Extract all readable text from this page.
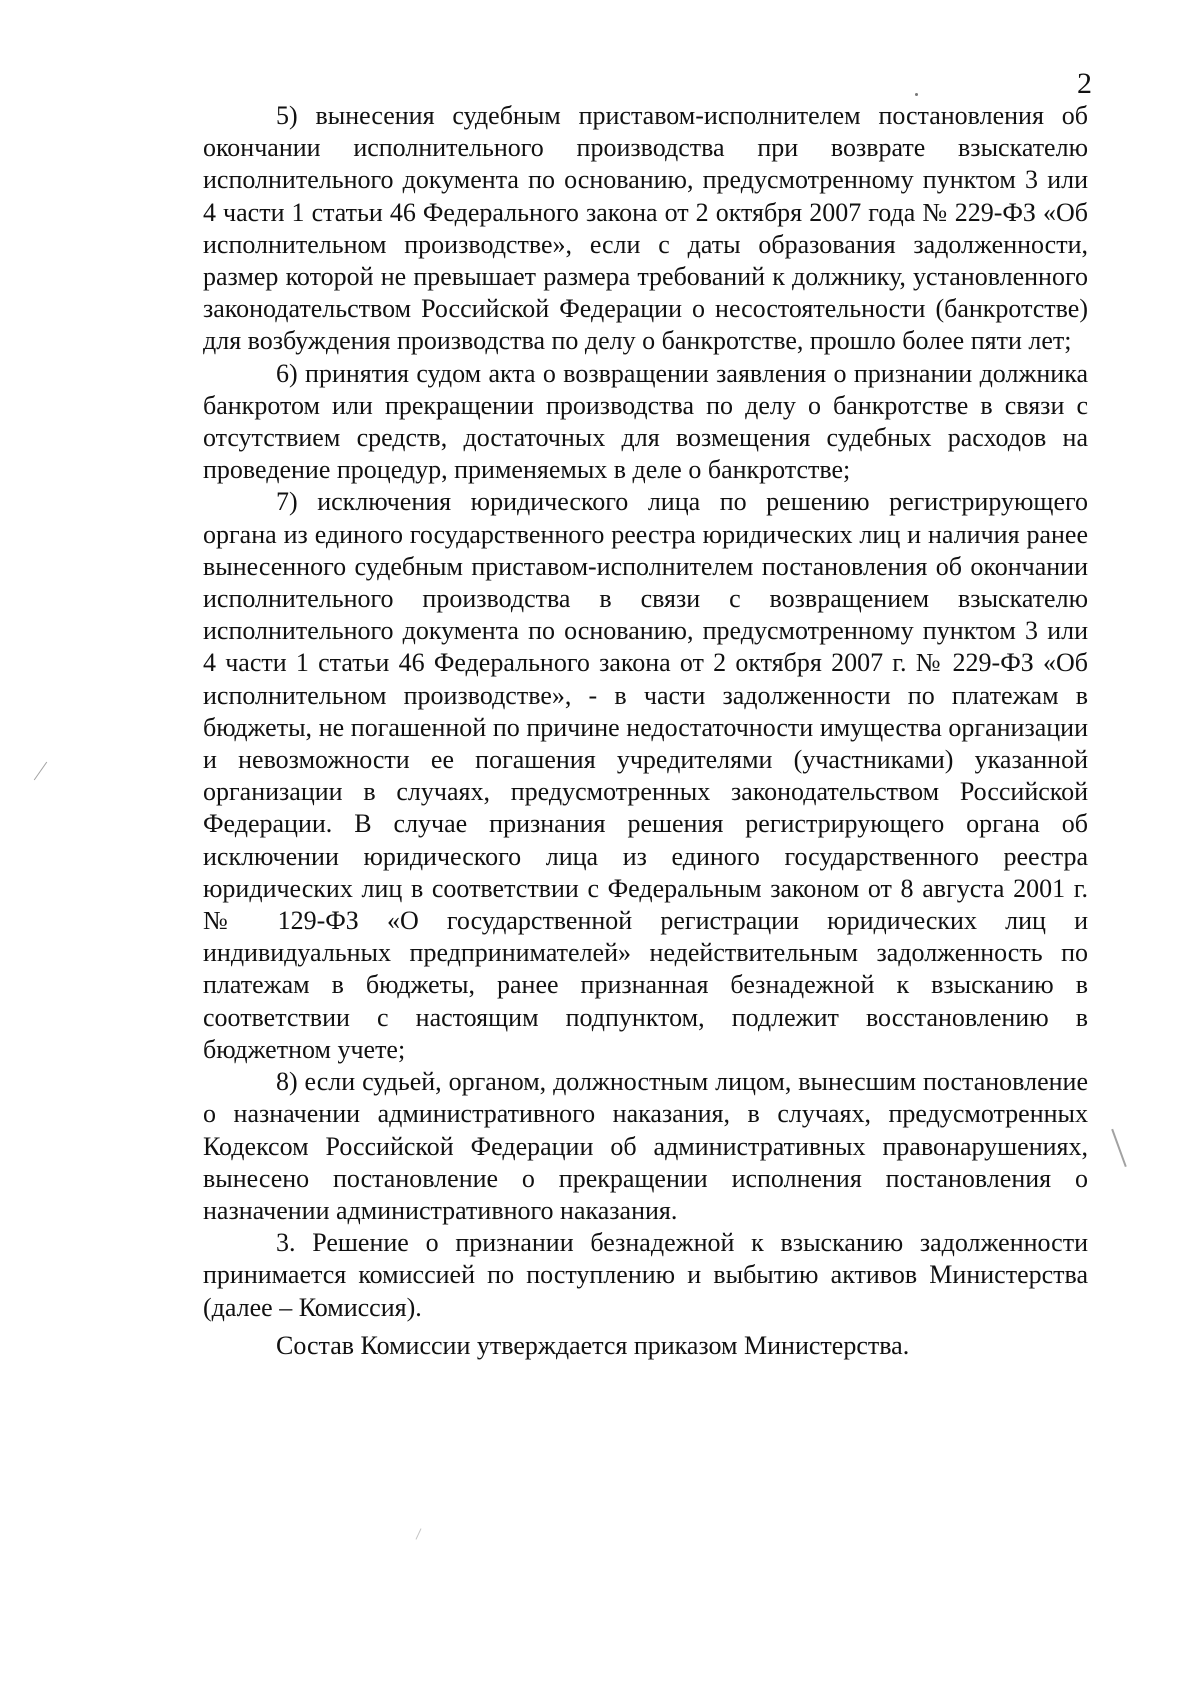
2

5) вынесения судебным приставом-исполнителем постановления об окончании исполнительного производства при возврате взыскателю исполнительного документа по основанию, предусмотренному пунктом 3 или 4 части 1 статьи 46 Федерального закона от 2 октября 2007 года № 229-ФЗ «Об исполнительном производстве», если с даты образования задолженности, размер которой не превышает размера требований к должнику, установленного законодательством Российской Федерации о несостоятельности (банкротстве) для возбуждения производства по делу о банкротстве, прошло более пяти лет;

6) принятия судом акта о возвращении заявления о признании должника банкротом или прекращении производства по делу о банкротстве в связи с отсутствием средств, достаточных для возмещения судебных расходов на проведение процедур, применяемых в деле о банкротстве;

7) исключения юридического лица по решению регистрирующего органа из единого государственного реестра юридических лиц и наличия ранее вынесенного судебным приставом-исполнителем постановления об окончании исполнительного производства в связи с возвращением взыскателю исполнительного документа по основанию, предусмотренному пунктом 3 или 4 части 1 статьи 46 Федерального закона от 2 октября 2007 г. № 229-ФЗ «Об исполнительном производстве», - в части задолженности по платежам в бюджеты, не погашенной по причине недостаточности имущества организации и невозможности ее погашения учредителями (участниками) указанной организации в случаях, предусмотренных законодательством Российской Федерации. В случае признания решения регистрирующего органа об исключении юридического лица из единого государственного реестра юридических лиц в соответствии с Федеральным законом от 8 августа 2001 г. № 129-ФЗ «О государственной регистрации юридических лиц и индивидуальных предпринимателей» недействительным задолженность по платежам в бюджеты, ранее признанная безнадежной к взысканию в соответствии с настоящим подпунктом, подлежит восстановлению в бюджетном учете;

8) если судьей, органом, должностным лицом, вынесшим постановление о назначении административного наказания, в случаях, предусмотренных Кодексом Российской Федерации об административных правонарушениях, вынесено постановление о прекращении исполнения постановления о назначении административного наказания.

3. Решение о признании безнадежной к взысканию задолженности принимается комиссией по поступлению и выбытию активов Министерства (далее – Комиссия).

Состав Комиссии утверждается приказом Министерства.
